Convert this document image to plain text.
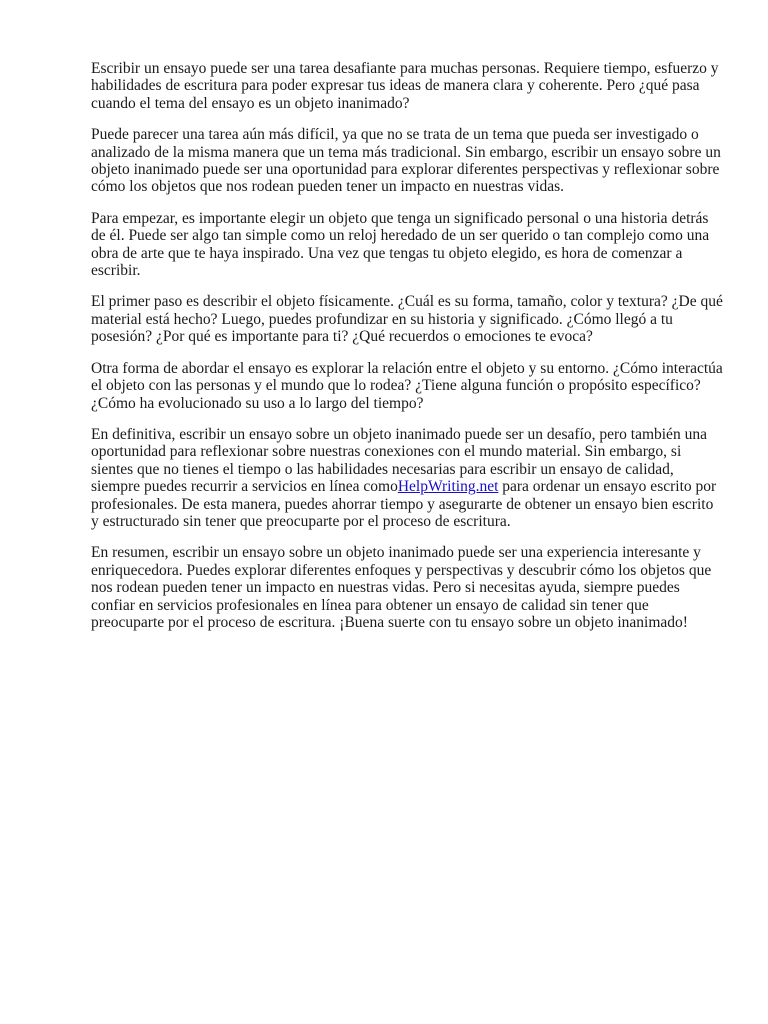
Escribir un ensayo puede ser una tarea desafiante para muchas personas. Requiere tiempo, esfuerzo y habilidades de escritura para poder expresar tus ideas de manera clara y coherente. Pero ¿qué pasa cuando el tema del ensayo es un objeto inanimado?

Puede parecer una tarea aún más difícil, ya que no se trata de un tema que pueda ser investigado o analizado de la misma manera que un tema más tradicional. Sin embargo, escribir un ensayo sobre un objeto inanimado puede ser una oportunidad para explorar diferentes perspectivas y reflexionar sobre cómo los objetos que nos rodean pueden tener un impacto en nuestras vidas.

Para empezar, es importante elegir un objeto que tenga un significado personal o una historia detrás de él. Puede ser algo tan simple como un reloj heredado de un ser querido o tan complejo como una obra de arte que te haya inspirado. Una vez que tengas tu objeto elegido, es hora de comenzar a escribir.

El primer paso es describir el objeto físicamente. ¿Cuál es su forma, tamaño, color y textura? ¿De qué material está hecho? Luego, puedes profundizar en su historia y significado. ¿Cómo llegó a tu posesión? ¿Por qué es importante para ti? ¿Qué recuerdos o emociones te evoca?

Otra forma de abordar el ensayo es explorar la relación entre el objeto y su entorno. ¿Cómo interactúa el objeto con las personas y el mundo que lo rodea? ¿Tiene alguna función o propósito específico? ¿Cómo ha evolucionado su uso a lo largo del tiempo?

En definitiva, escribir un ensayo sobre un objeto inanimado puede ser un desafío, pero también una oportunidad para reflexionar sobre nuestras conexiones con el mundo material. Sin embargo, si sientes que no tienes el tiempo o las habilidades necesarias para escribir un ensayo de calidad, siempre puedes recurrir a servicios en línea comoHelpWriting.net para ordenar un ensayo escrito por profesionales. De esta manera, puedes ahorrar tiempo y asegurarte de obtener un ensayo bien escrito y estructurado sin tener que preocuparte por el proceso de escritura.

En resumen, escribir un ensayo sobre un objeto inanimado puede ser una experiencia interesante y enriquecedora. Puedes explorar diferentes enfoques y perspectivas y descubrir cómo los objetos que nos rodean pueden tener un impacto en nuestras vidas. Pero si necesitas ayuda, siempre puedes confiar en servicios profesionales en línea para obtener un ensayo de calidad sin tener que preocuparte por el proceso de escritura. ¡Buena suerte con tu ensayo sobre un objeto inanimado!
